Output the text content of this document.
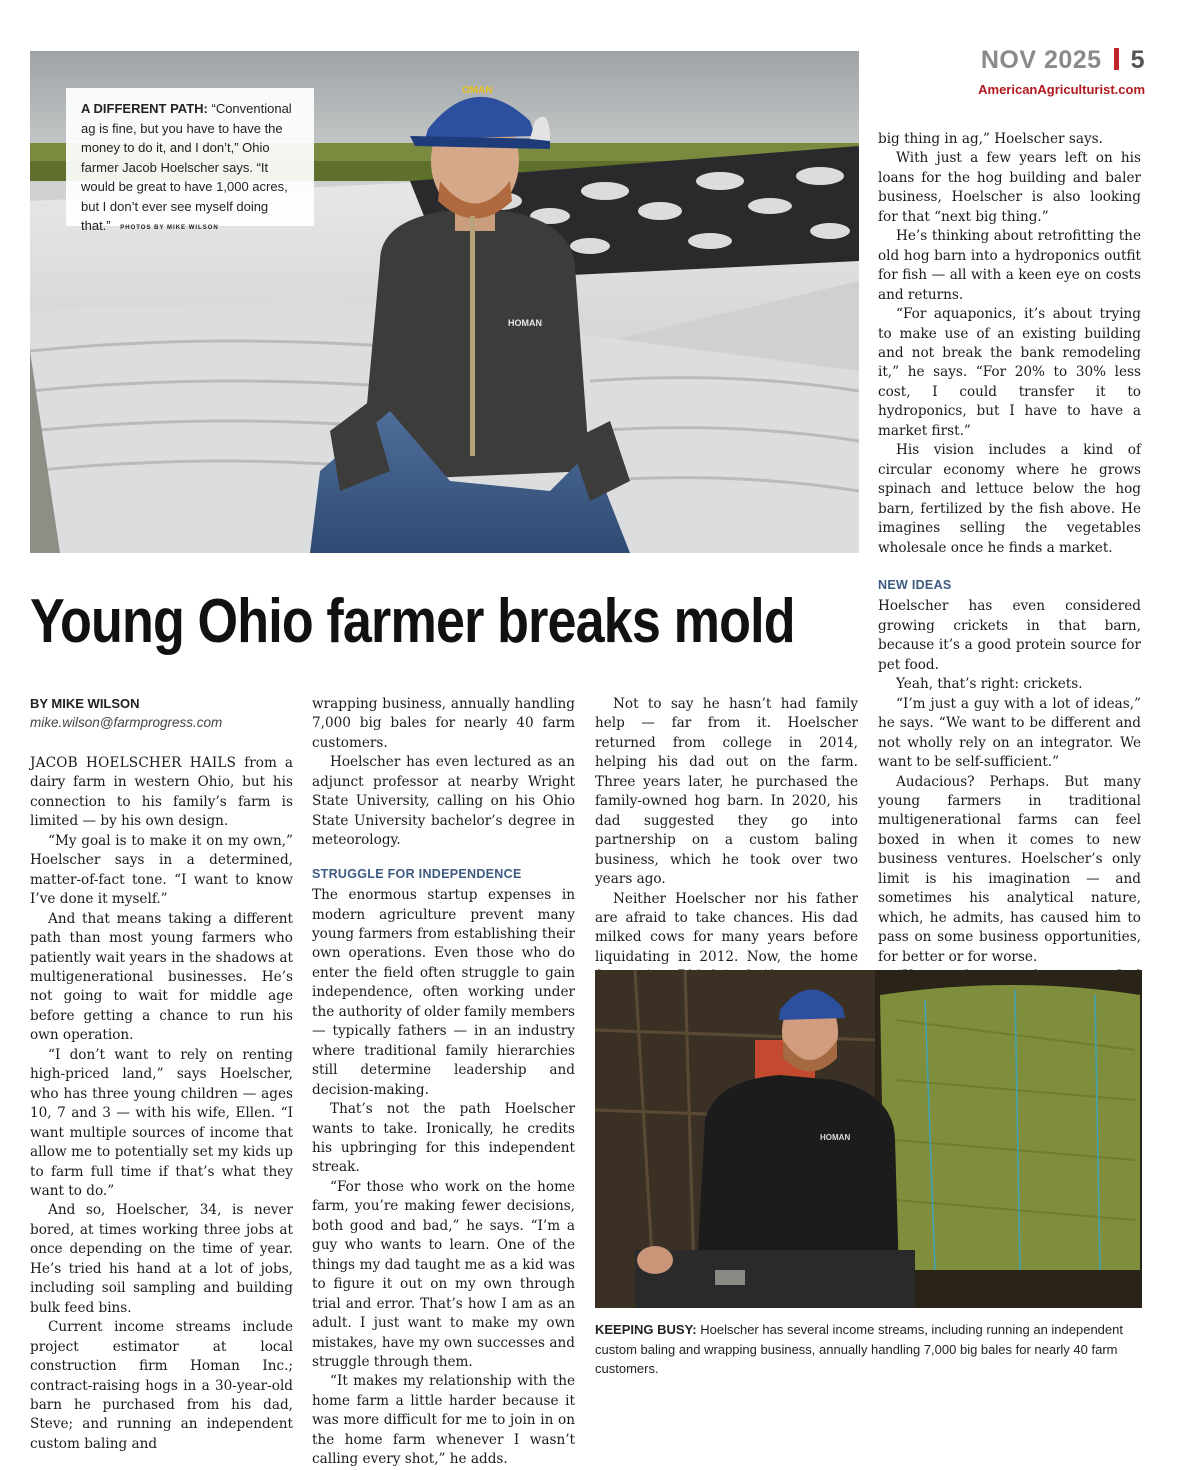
NOV 2025 5
AmericanAgriculturist.com
HOMAN
OMAN
A DIFFERENT PATH: “Conventional ag is fine, but you have to have the money to do it, and I don’t,” Ohio farmer Jacob Hoelscher says. “It would be great to have 1,000 acres, but I don’t ever see myself doing that.” PHOTOS BY MIKE WILSON
Young Ohio farmer breaks mold
BY MIKE WILSON
mike.wilson@farmprogress.com

JACOB HOELSCHER HAILS from a dairy farm in western Ohio, but his connection to his family’s farm is limited — by his own design.

“My goal is to make it on my own,” Hoelscher says in a determined, matter-of-fact tone. “I want to know I’ve done it myself.”

And that means taking a different path than most young farmers who patiently wait years in the shadows at multigenerational businesses. He’s not going to wait for middle age before getting a chance to run his own operation.

“I don’t want to rely on renting high-priced land,” says Hoelscher, who has three young children — ages 10, 7 and 3 — with his wife, Ellen. “I want multiple sources of income that allow me to potentially set my kids up to farm full time if that’s what they want to do.”

And so, Hoelscher, 34, is never bored, at times working three jobs at once depending on the time of year. He’s tried his hand at a lot of jobs, including soil sampling and building bulk feed bins.

Current income streams include project estimator at local construction firm Homan Inc.; contract-raising hogs in a 30-year-old barn he purchased from his dad, Steve; and running an independent custom baling and

wrapping business, annually handling 7,000 big bales for nearly 40 farm customers.

Hoelscher has even lectured as an adjunct professor at nearby Wright State University, calling on his Ohio State University bachelor’s degree in meteorology.

STRUGGLE FOR INDEPENDENCE

The enormous startup expenses in modern agriculture prevent many young farmers from establishing their own operations. Even those who do enter the field often struggle to gain independence, often working under the authority of older family members — typically fathers — in an industry where traditional family hierarchies still determine leadership and decision-making.

That’s not the path Hoelscher wants to take. Ironically, he credits his upbringing for this independent streak.

“For those who work on the home farm, you’re making fewer decisions, both good and bad,” he says. “I’m a guy who wants to learn. One of the things my dad taught me as a kid was to figure it out on my own through trial and error. That’s how I am as an adult. I just want to make my own mistakes, have my own successes and struggle through them.

“It makes my relationship with the home farm a little harder because it was more difficult for me to join in on the home farm whenever I wasn’t calling every shot,” he adds.

Not to say he hasn’t had family help — far from it. Hoelscher returned from college in 2014, helping his dad out on the farm. Three years later, he purchased the family-owned hog barn. In 2020, his dad suggested they go into partnership on a custom baling business, which he took over two years ago.

Neither Hoelscher nor his father are afraid to take chances. His dad milked cows for many years before liquidating in 2012. Now, the home

big thing in ag,” Hoelscher says.

With just a few years left on his loans for the hog building and baler business, Hoelscher is also looking for that “next big thing.”

He’s thinking about retrofitting the old hog barn into a hydroponics outfit for fish — all with a keen eye on costs and returns.

“For aquaponics, it’s about trying to make use of an existing building and not break the bank remodeling it,” he says. “For 20% to 30% less cost, I could transfer it to hydroponics, but I have to have a market first.”

His vision includes a kind of circular economy where he grows spinach and lettuce below the hog barn, fertilized by the fish above. He imagines selling the vegetables wholesale once he finds a market.

NEW IDEAS

Hoelscher has even considered growing crickets in that barn, because it’s a good protein source for pet food.

Yeah, that’s right: crickets.

“I’m just a guy with a lot of ideas,” he says. “We want to be different and not wholly rely on an integrator. We want to be self-sufficient.”

Audacious? Perhaps. But many young farmers in traditional multigenerational farms can feel boxed in when it comes to new business ventures. Hoelscher’s only limit is his imagination — and sometimes his analytical nature, which, he admits, has caused him to pass on some business opportunities, for better or for worse.

HOMAN
KEEPING BUSY: Hoelscher has several income streams, including running an independent custom baling and wrapping business, annually handling 7,000 big bales for nearly 40 farm customers.
